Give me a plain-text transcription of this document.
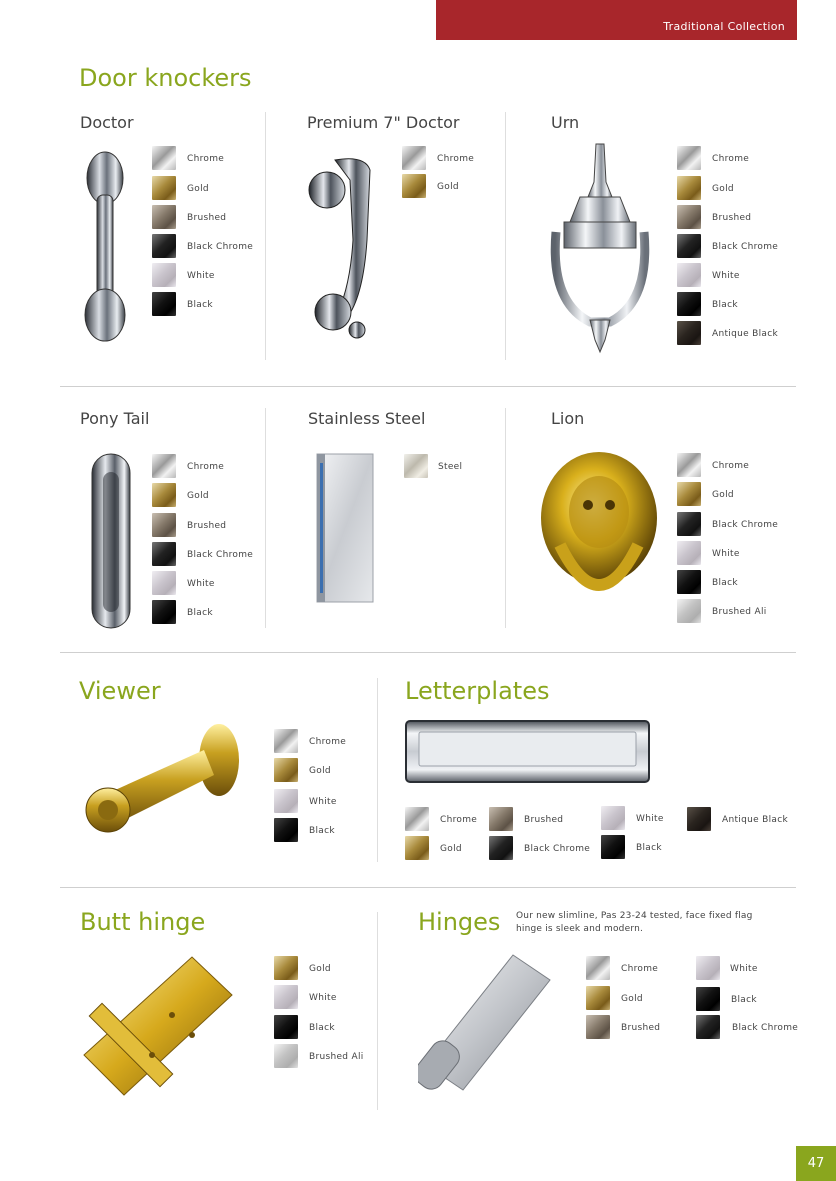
Traditional Collection
Door knockers
Doctor	Premium 7" Doctor	Urn
Chrome
Gold
Brushed
Black Chrome
White
Black
Chrome
Gold
Chrome
Gold
Brushed
Black Chrome
White
Black
Antique Black
Pony Tail	Stainless Steel	Lion
Chrome
Gold
Brushed
Black Chrome
White
Black
Steel	Chrome
Gold
Black Chrome
White
Black
Brushed Ali
Viewer	Letterplates
Chrome
Gold
White
Black
Chrome	Brushed	White	Antique Black
Gold	Black Chrome	Black
Butt hinge	Hinges Our new slimline, Pas 23-24 tested, face fixed flag
hinge is sleek and modern.
Gold
White
Black
Brushed Ali
Chrome	White
Gold	Black
Brushed	Black Chrome
47
